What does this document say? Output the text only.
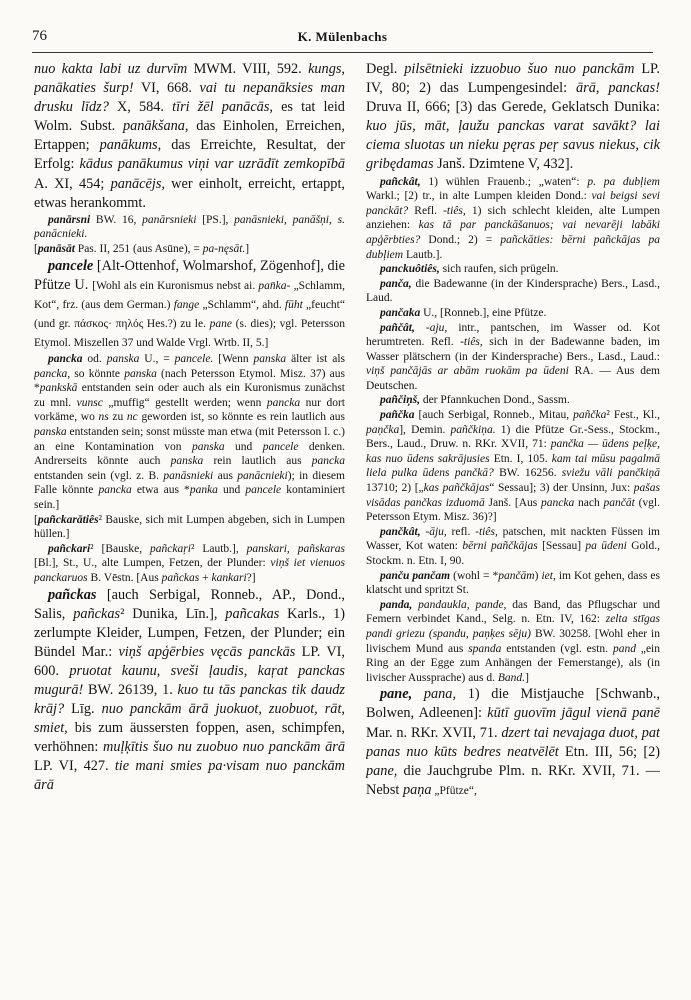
76	K. Mülenbachs

nuo kakta labi uz durvīm MWM. VIII, 592. kungs, panākaties šurp! VI, 668. vai tu nepanāksies man drusku līdz? X, 584. tīri žēl panācās, es tat leid Wolm. Subst. panākšana, das Einholen, Erreichen, Ertappen; panākums, das Erreichte, Resultat, der Erfolg: kādus panākumus viņi var uzrādīt zemkopībā A. XI, 454; panācējs, wer einholt, erreicht, ertappt, etwas herankommt.

panārsni BW. 16, panārsnieki [PS.], panāsnieki, panāšņi, s. panācnieki.

[panāsāt Pas. II, 251 (aus Asūne), = pa-nęsāt.]

pancele [Alt-Ottenhof, Wolmarshof, Zögenhof], die Pfütze U. [Wohl als ein Kuronismus nebst ai. pan̄ka- „Schlamm, Kot“, frz. (aus dem German.) fange „Schlamm“, ahd. fūht „feucht“ (und gr. πάσκος· πηλός Hes.?) zu le. pane (s. dies); vgl. Petersson Etymol. Miszellen 37 und Walde Vrgl. Wrtb. II, 5.]

pancka od. panska U., = pancele. [Wenn panska älter ist als pancka, so könnte panska (nach Petersson Etymol. Misz. 37) aus *pankskā entstanden sein oder auch als ein Kuronismus zunächst zu mnl. vunsc „muffig“ gestellt werden; wenn pancka nur dort vorkäme, wo ns zu nc geworden ist, so könnte es rein lautlich aus panska entstanden sein; sonst müsste man etwa (mit Petersson l. c.) an eine Kontamination von panska und pancele denken. Andrerseits könnte auch panska rein lautlich aus pancka entstanden sein (vgl. z. B. panāsnieki aus panācnieki); in diesem Falle könnte pancka etwa aus *panka und pancele kontaminiert sein.]

[pañckarātiês² Bauske, sich mit Lumpen abgeben, sich in Lumpen hüllen.]

pañckari² [Bauske, pañckaŗi² Lautb.], panskari, pañskaras [Bl.], St., U., alte Lumpen, Fetzen, der Plunder: viņš iet vienuos panckaruos B. Vēstn. [Aus pañckas + kankari?]

pañckas [auch Serbigal, Ronneb., AP., Dond., Salis, pañckas² Dunika, Līn.], pañcakas Karls., 1) zerlumpte Kleider, Lumpen, Fetzen, der Plunder; ein Bündel Mar.: viņš apģērbies vęcās panckās LP. VI, 600. pruotat kaunu, sveši ļaudis, kaŗat panckas mugurā! BW. 26139, 1. kuo tu tās panckas tik daudz krāj? Līg. nuo panckām ārā juokuot, zuobuot, rāt, smiet, bis zum äussersten foppen, asen, schimpfen, verhöhnen: muļķītis šuo nu zuobuo nuo panckām ārā LP. VI, 427. tie mani smies pa·visam nuo panckām ārā

Degl. pilsētnieki izzuobuo šuo nuo panckām LP. IV, 80; 2) das Lumpengesindel: ārā, panckas! Druva II, 666; [3) das Gerede, Geklatsch Dunika: kuo jūs, māt, ļaužu panckas varat savākt? lai ciema sluotas un nieku pęras peŗ savus niekus, cik gribędamas Janš. Dzimtene V, 432].

pañckât, 1) wühlen Frauenb.; „waten“: p. pa dubļiem Warkl.; [2) tr., in alte Lumpen kleiden Dond.: vai beigsi sevi panckāt? Refl. -tiês, 1) sich schlecht kleiden, alte Lumpen anziehen: kas tā par panckāšanuos; vai nevarēji labāki apģērbties? Dond.; 2) = pañckāties: bērni pañckājas pa dubļiem Lautb.].

panckuôtiês, sich raufen, sich prügeln.

panča, die Badewanne (in der Kindersprache) Bers., Lasd., Laud.

pančaka U., [Ronneb.], eine Pfütze.

pañčât, -aju, intr., pantschen, im Wasser od. Kot herumtreten. Refl. -tiês, sich in der Badewanne baden, im Wasser plätschern (in der Kindersprache) Bers., Lasd., Laud.: viņš pančājās ar abām ruokām pa ūdeni RA. — Aus dem Deutschen.

pañčiņš, der Pfannkuchen Dond., Sassm.

pañčka [auch Serbigal, Ronneb., Mitau, pañčka² Fest., Kl., paņčka], Demin. pañčkiņa. 1) die Pfütze Gr.-Sess., Stockm., Bers., Laud., Druw. n. RKr. XVII, 71: pančka — ūdens peļķe, kas nuo ūdens sakrājusies Etn. I, 105. kam tai mūsu pagalmā liela pulka ūdens pančkā? BW. 16256. sviežu vāli pančkiņā 13710; 2) [„kas pañčkājas“ Sessau]; 3) der Unsinn, Jux: pašas visādas pančkas izduomā Janš. [Aus pancka nach pančāt (vgl. Petersson Etym. Misz. 36)?]

pančkât, -āju, refl. -tiês, patschen, mit nackten Füssen im Wasser, Kot waten: bērni pañčkājas [Sessau] pa ūdeni Gold., Stockm. n. Etn. I, 90.

panču pančam (wohl = *pančām) iet, im Kot gehen, dass es klatscht und spritzt St.

panda, pandaukla, pande, das Band, das Pflugschar und Femern verbindet Kand., Selg. n. Etn. IV, 162: zelta stīgas pandi griezu (spandu, paņķes sēju) BW. 30258. [Wohl eher in livischem Mund aus spanda entstanden (vgl. estn. pand „ein Ring an der Egge zum Anhängen der Femerstange), als (in livischer Aussprache) aus d. Band.]

pane, pana, 1) die Mistjauche [Schwanb., Bolwen, Adleenen]: kūtī guovīm jāgul vienā panē Mar. n. RKr. XVII, 71. dzert tai nevajaga duot, pat panas nuo kūts bedres neatvēlēt Etn. III, 56; [2) pane, die Jauchgrube Plm. n. RKr. XVII, 71. — Nebst paņa „Pfütze“,
